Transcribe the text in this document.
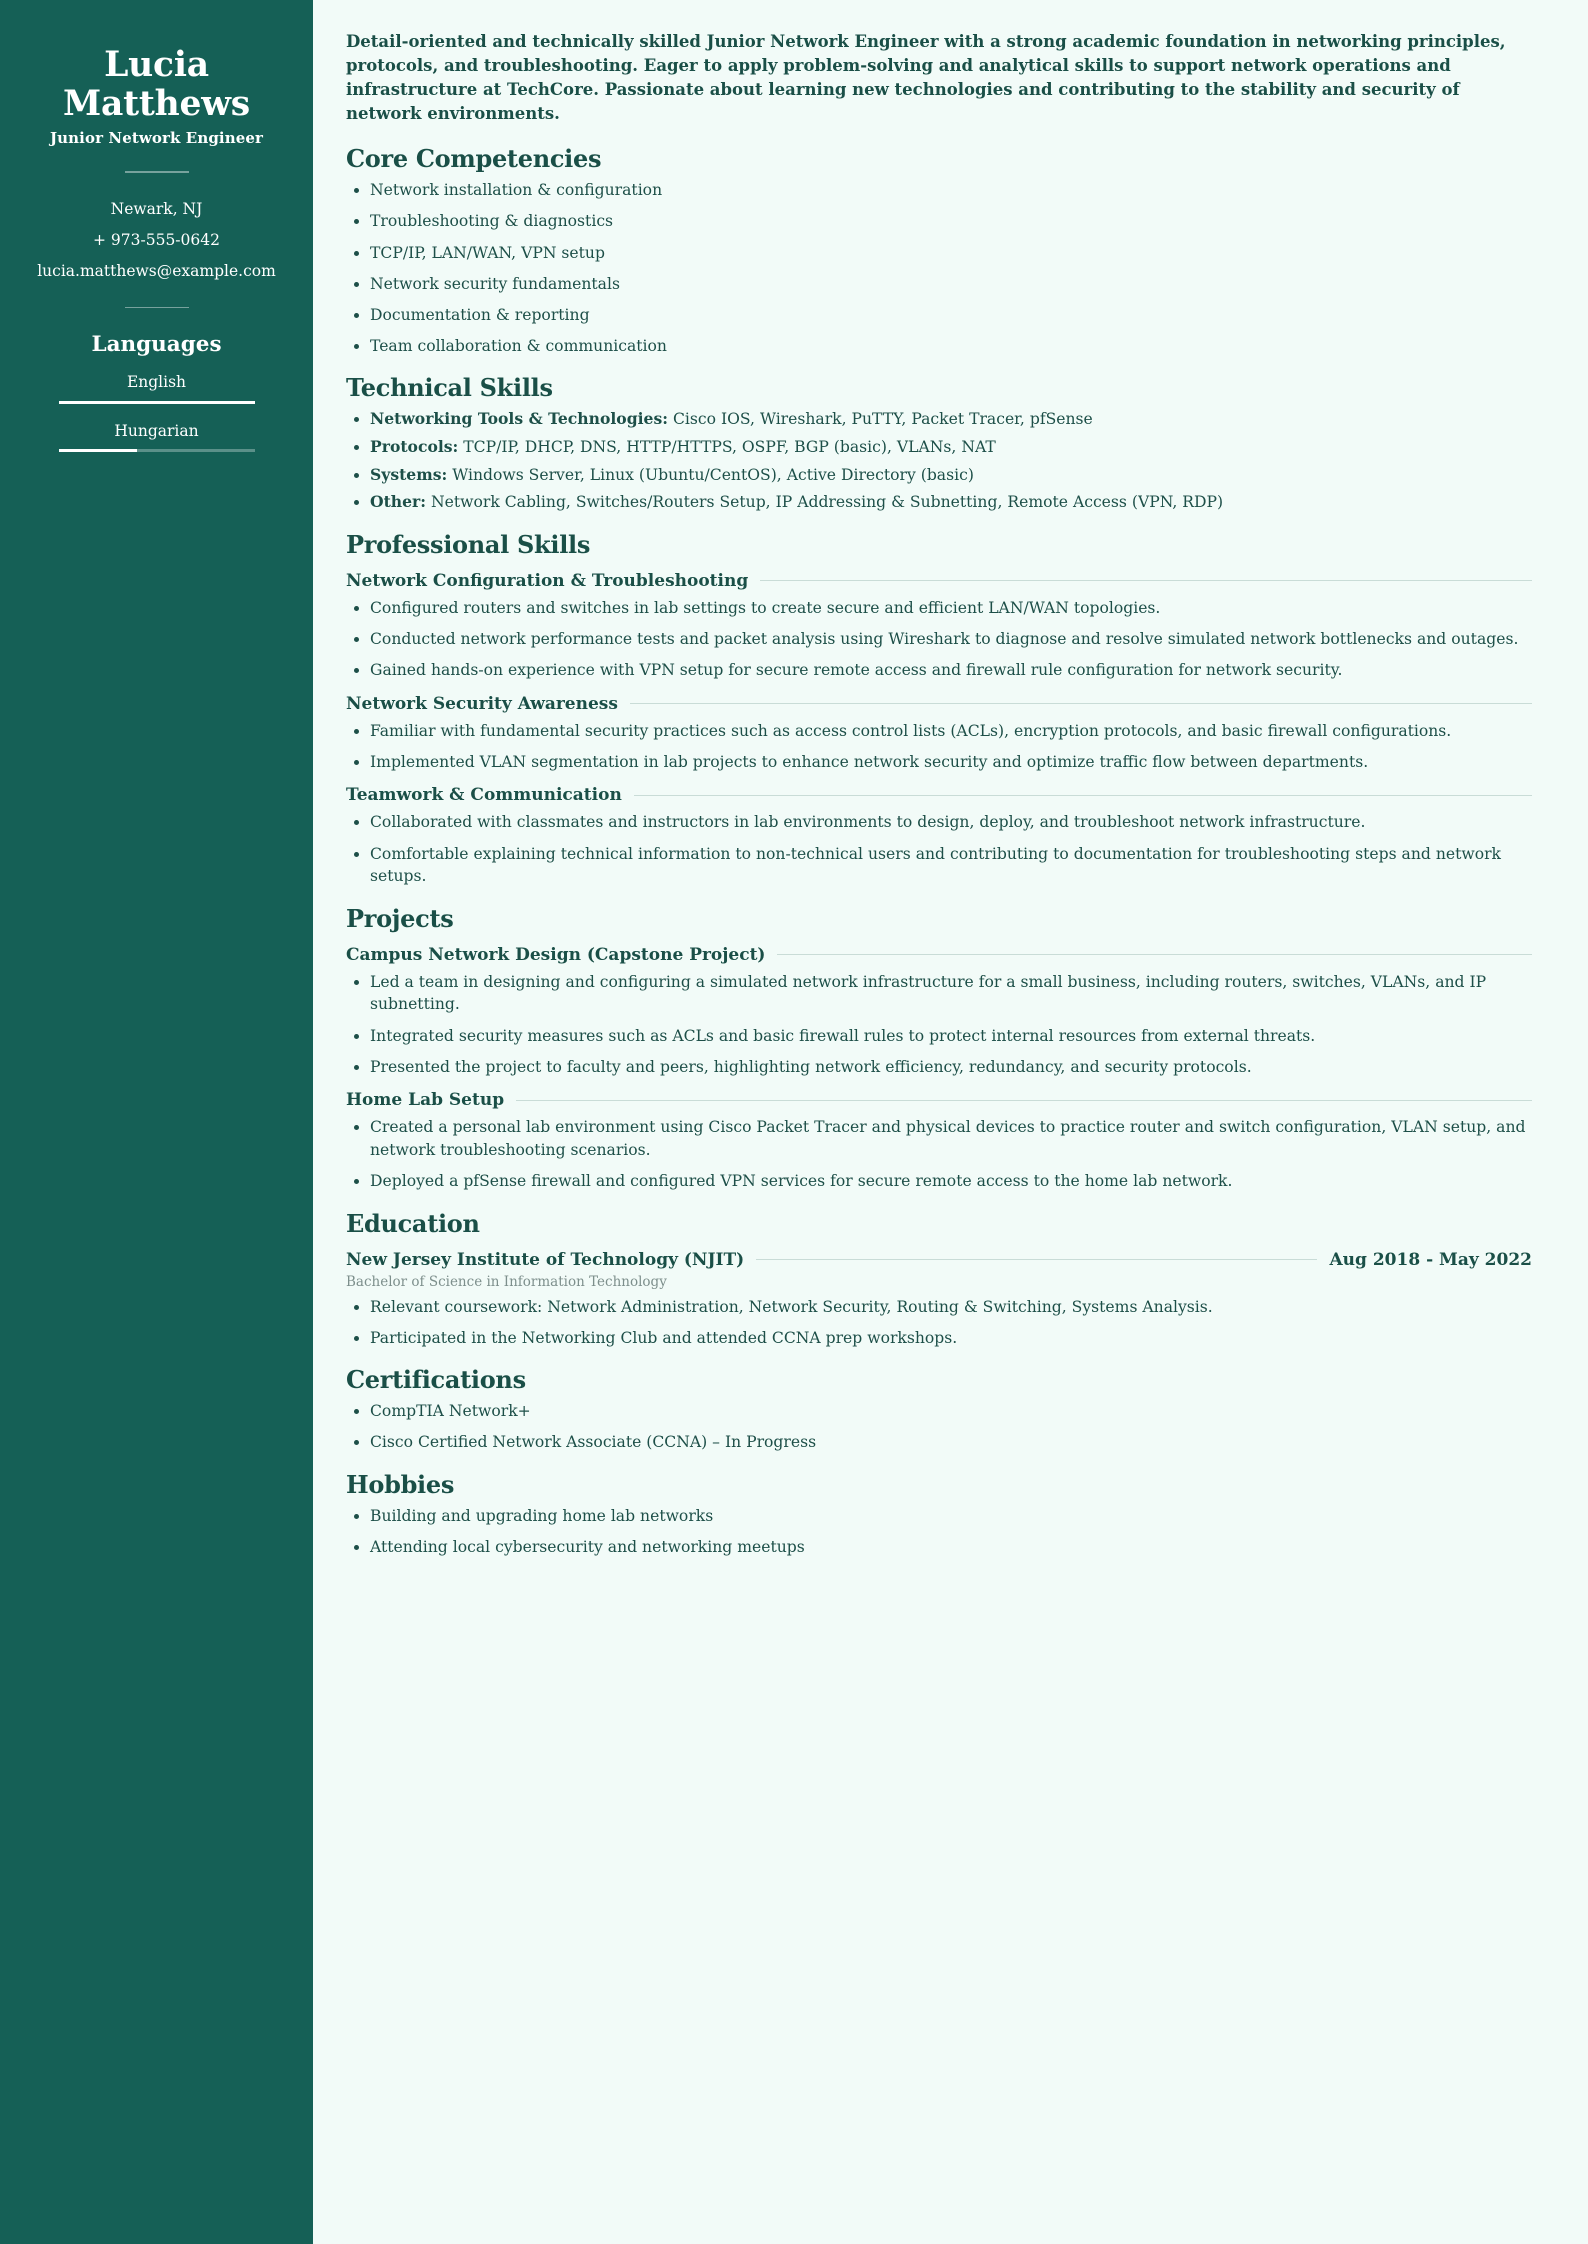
Lucia Matthews
Junior Network Engineer
Newark, NJ
+ 973-555-0642
lucia.matthews@example.com
Languages
English
Hungarian

Detail-oriented and technically skilled Junior Network Engineer with a strong academic foundation in networking principles, protocols, and troubleshooting. Eager to apply problem-solving and analytical skills to support network operations and infrastructure at TechCore. Passionate about learning new technologies and contributing to the stability and security of network environments.

Core Competencies
Network installation & configuration
Troubleshooting & diagnostics
TCP/IP, LAN/WAN, VPN setup
Network security fundamentals
Documentation & reporting
Team collaboration & communication
Technical Skills
Networking Tools & Technologies: Cisco IOS, Wireshark, PuTTY, Packet Tracer, pfSense
Protocols: TCP/IP, DHCP, DNS, HTTP/HTTPS, OSPF, BGP (basic), VLANs, NAT
Systems: Windows Server, Linux (Ubuntu/CentOS), Active Directory (basic)
Other: Network Cabling, Switches/Routers Setup, IP Addressing & Subnetting, Remote Access (VPN, RDP)
Professional Skills
Network Configuration & Troubleshooting
Configured routers and switches in lab settings to create secure and efficient LAN/WAN topologies.
Conducted network performance tests and packet analysis using Wireshark to diagnose and resolve simulated network bottlenecks and outages.
Gained hands-on experience with VPN setup for secure remote access and firewall rule configuration for network security.
Network Security Awareness
Familiar with fundamental security practices such as access control lists (ACLs), encryption protocols, and basic firewall configurations.
Implemented VLAN segmentation in lab projects to enhance network security and optimize traffic flow between departments.
Teamwork & Communication
Collaborated with classmates and instructors in lab environments to design, deploy, and troubleshoot network infrastructure.
Comfortable explaining technical information to non-technical users and contributing to documentation for troubleshooting steps and network setups.
Projects
Campus Network Design (Capstone Project)
Led a team in designing and configuring a simulated network infrastructure for a small business, including routers, switches, VLANs, and IP subnetting.
Integrated security measures such as ACLs and basic firewall rules to protect internal resources from external threats.
Presented the project to faculty and peers, highlighting network efficiency, redundancy, and security protocols.
Home Lab Setup
Created a personal lab environment using Cisco Packet Tracer and physical devices to practice router and switch configuration, VLAN setup, and network troubleshooting scenarios.
Deployed a pfSense firewall and configured VPN services for secure remote access to the home lab network.
Education
New Jersey Institute of Technology (NJIT)	Aug 2018 - May 2022
Bachelor of Science in Information Technology
Relevant coursework: Network Administration, Network Security, Routing & Switching, Systems Analysis.
Participated in the Networking Club and attended CCNA prep workshops.
Certifications
CompTIA Network+
Cisco Certified Network Associate (CCNA) – In Progress
Hobbies
Building and upgrading home lab networks
Attending local cybersecurity and networking meetups
